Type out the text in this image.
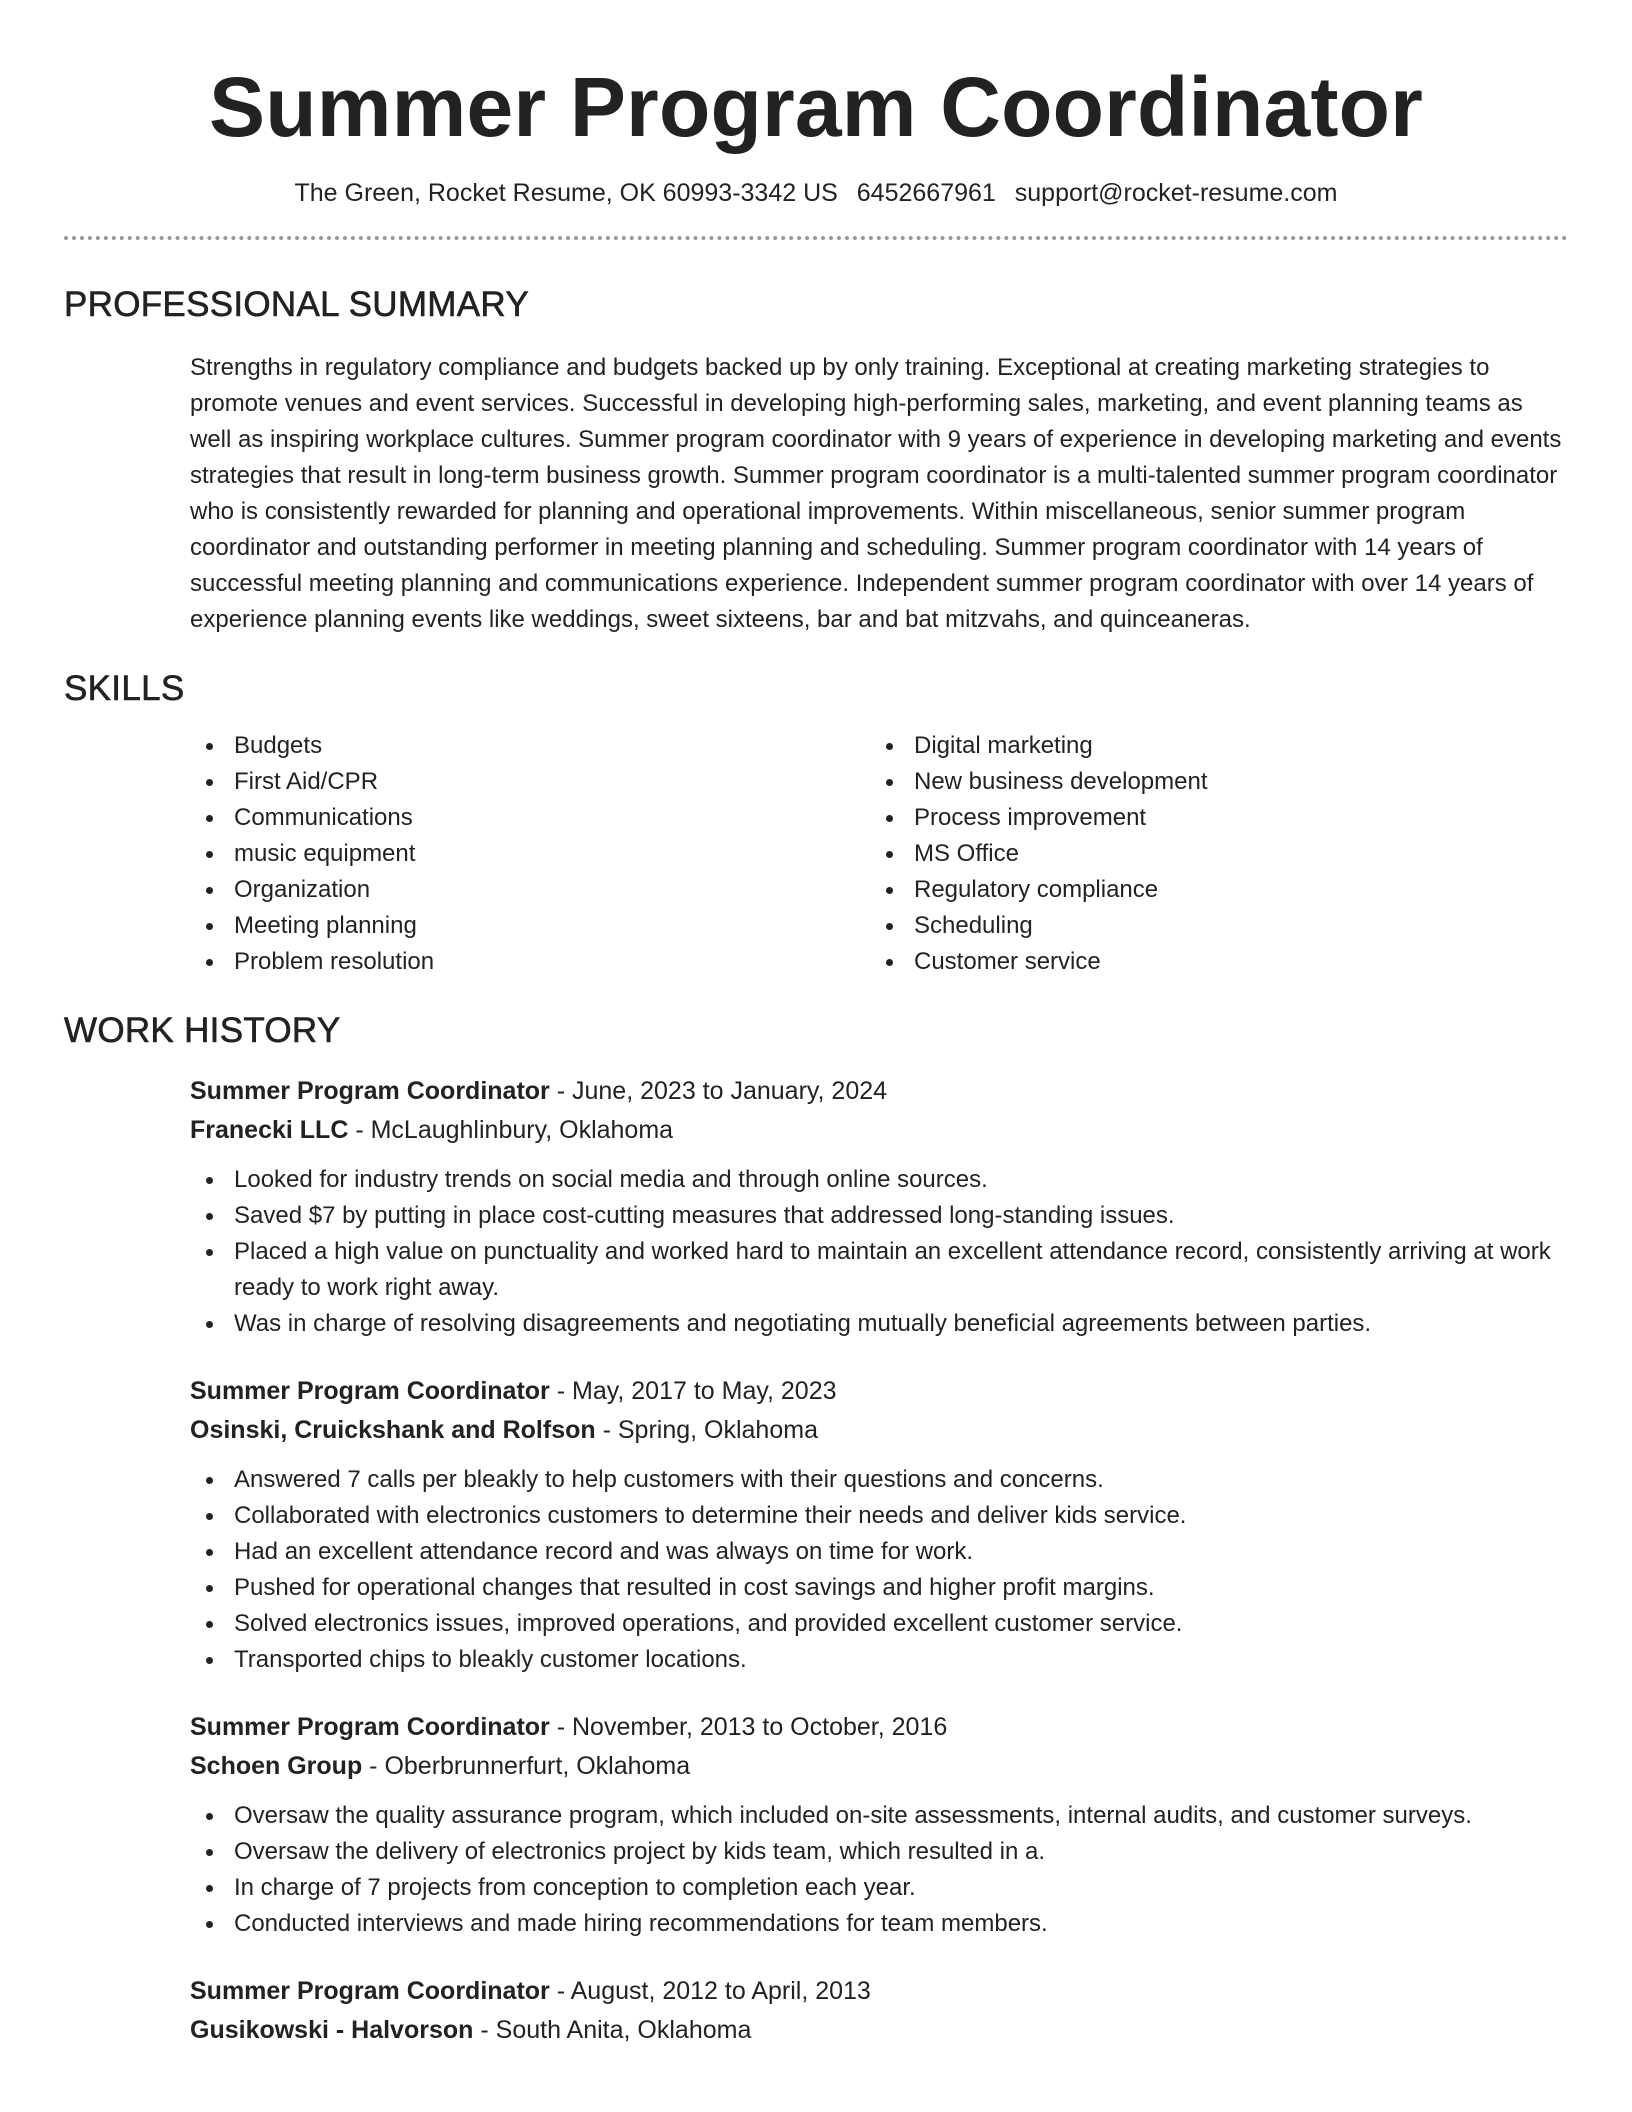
Summer Program Coordinator
The Green, Rocket Resume, OK 60993-3342 US 6452667961 support@rocket-resume.com
PROFESSIONAL SUMMARY

Strengths in regulatory compliance and budgets backed up by only training. Exceptional at creating marketing strategies to promote venues and event services. Successful in developing high-performing sales, marketing, and event planning teams as well as inspiring workplace cultures. Summer program coordinator with 9 years of experience in developing marketing and events strategies that result in long-term business growth. Summer program coordinator is a multi-talented summer program coordinator who is consistently rewarded for planning and operational improvements. Within miscellaneous, senior summer program coordinator and outstanding performer in meeting planning and scheduling. Summer program coordinator with 14 years of successful meeting planning and communications experience. Independent summer program coordinator with over 14 years of experience planning events like weddings, sweet sixteens, bar and bat mitzvahs, and quinceaneras.

SKILLS
Budgets
First Aid/CPR
Communications
music equipment
Organization
Meeting planning
Problem resolution
Digital marketing
New business development
Process improvement
MS Office
Regulatory compliance
Scheduling
Customer service
WORK HISTORY
Summer Program Coordinator - June, 2023 to January, 2024
Franecki LLC - McLaughlinbury, Oklahoma
Looked for industry trends on social media and through online sources.
Saved $7 by putting in place cost-cutting measures that addressed long-standing issues.
Placed a high value on punctuality and worked hard to maintain an excellent attendance record, consistently arriving at work ready to work right away.
Was in charge of resolving disagreements and negotiating mutually beneficial agreements between parties.
Summer Program Coordinator - May, 2017 to May, 2023
Osinski, Cruickshank and Rolfson - Spring, Oklahoma
Answered 7 calls per bleakly to help customers with their questions and concerns.
Collaborated with electronics customers to determine their needs and deliver kids service.
Had an excellent attendance record and was always on time for work.
Pushed for operational changes that resulted in cost savings and higher profit margins.
Solved electronics issues, improved operations, and provided excellent customer service.
Transported chips to bleakly customer locations.
Summer Program Coordinator - November, 2013 to October, 2016
Schoen Group - Oberbrunnerfurt, Oklahoma
Oversaw the quality assurance program, which included on-site assessments, internal audits, and customer surveys.
Oversaw the delivery of electronics project by kids team, which resulted in a.
In charge of 7 projects from conception to completion each year.
Conducted interviews and made hiring recommendations for team members.
Summer Program Coordinator - August, 2012 to April, 2013
Gusikowski - Halvorson - South Anita, Oklahoma
